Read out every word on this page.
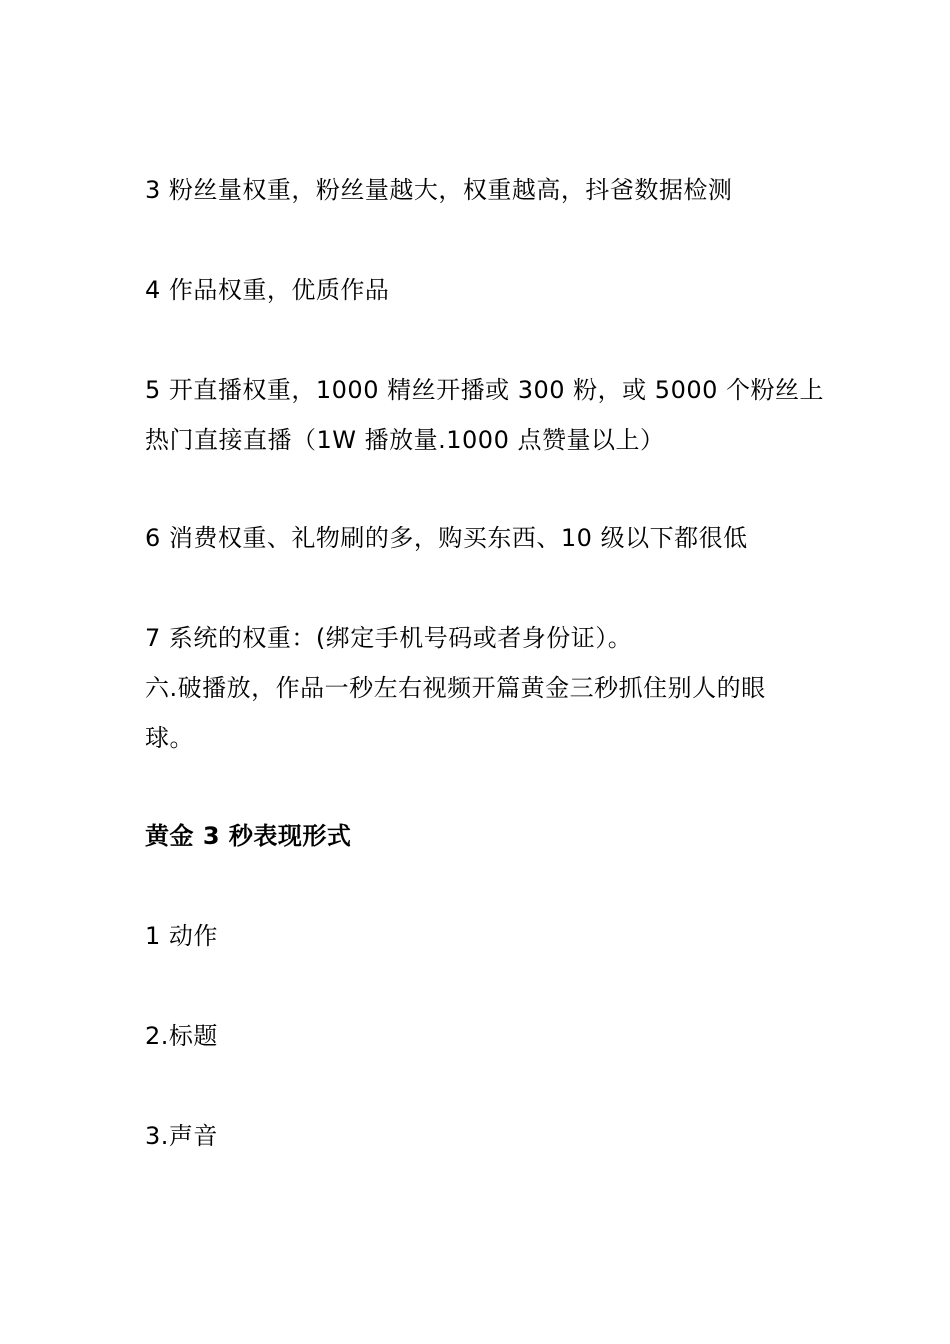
3 粉丝量权重，粉丝量越大，权重越高，抖爸数据检测
4 作品权重，优质作品
5 开直播权重，1000 精丝开播或 300 粉，或 5000 个粉丝上
热门直接直播（1W 播放量.1000 点赞量以上）
6 消费权重、礼物刷的多，购买东西、10 级以下都很低
7 系统的权重：(绑定手机号码或者身份证）。
六.破播放，作品一秒左右视频开篇黄金三秒抓住别人的眼
球。
黄金 3 秒表现形式
1 动作
2.标题
3.声音
